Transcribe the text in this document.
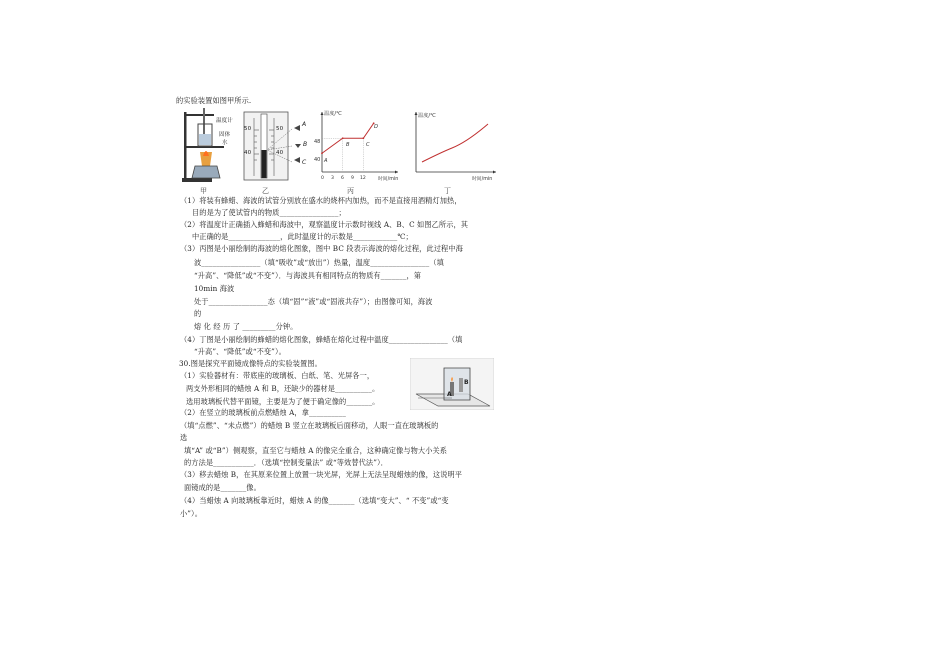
的实验装置如图甲所示.
温度计
固体
水
甲
50
40
50
40
A
B
C
乙
温度/℃
时间/min
48
40
0 3 6 9 12
A
B	C
D
丙
温度/℃
时间/min
丁
（1）将装有蜂蜡、海波的试管分别放在盛水的烧杯内加热，而不是直接用酒精灯加热，
目的是为了使试管内的物质________________；
（2）将温度计正确插入蜂蜡和海波中，观察温度计示数时视线 A、B、C 如图乙所示，其
中正确的是______________，此时温度计的示数是____________℃；
（3）丙图是小丽绘制的海波的熔化图象，图中 BC 段表示海波的熔化过程，此过程中海
波________________（填“吸收”或“放出”）热量，温度________________（填
“升高”、“降低”或“不变”）．与海波具有相同特点的物质有_______，第
10min 海波
处于________________态（填“固”“液”或“固液共存”）；由图像可知，海波
的
熔 化 经 历 了 _________分钟。
（4）丁图是小丽绘制的蜂蜡的熔化图象，蜂蜡在熔化过程中温度________________（填
“升高”、“降低”或“不变”）。
30.图是探究平面镜成像特点的实验装置图。
（1）实验器材有：带底座的玻璃板、白纸、笔、光屏各一，
两支外形相同的蜡烛 A 和 B，还缺少的器材是__________。
选用玻璃板代替平面镜，主要是为了便于确定像的_______。
（2）在竖立的玻璃板前点燃蜡烛 A，拿__________
（填“点燃”、“未点燃”）的蜡烛 B 竖立在玻璃板后面移动，人眼一直在玻璃板的
选
填“A” 或“B”）侧观察，直至它与蜡烛 A 的像完全重合，这种确定像与物大小关系
的方法是___________．（选填“控制变量法” 或“等效替代法”）．
（3）移去蜡烛 B，在其原来位置上放置一块光屏，光屏上无法呈现蜡烛的像，这说明平
面镜成的是_______像。
（4）当蜡烛 A 向玻璃板靠近时，蜡烛 A 的像_______（选填“变大”、“ 不变”或“变
小”）。
A
B
